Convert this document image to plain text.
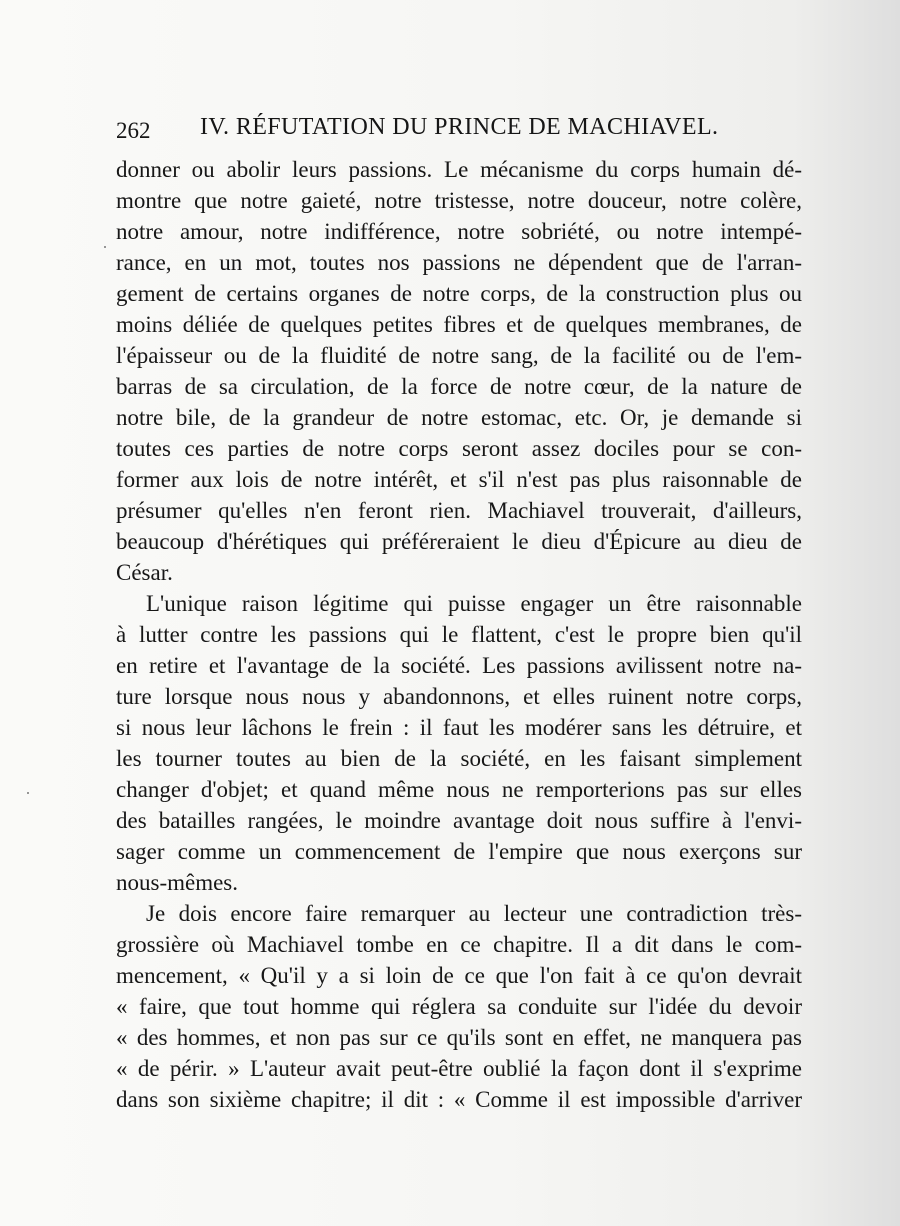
262 IV. RÉFUTATION DU PRINCE DE MACHIAVEL.
donner ou abolir leurs passions. Le mécanisme du corps humain dé-
montre que notre gaieté, notre tristesse, notre douceur, notre colère,
notre amour, notre indifférence, notre sobriété, ou notre intempé-
rance, en un mot, toutes nos passions ne dépendent que de l'arran-
gement de certains organes de notre corps, de la construction plus ou
moins déliée de quelques petites fibres et de quelques membranes, de
l'épaisseur ou de la fluidité de notre sang, de la facilité ou de l'em-
barras de sa circulation, de la force de notre cœur, de la nature de
notre bile, de la grandeur de notre estomac, etc. Or, je demande si
toutes ces parties de notre corps seront assez dociles pour se con-
former aux lois de notre intérêt, et s'il n'est pas plus raisonnable de
présumer qu'elles n'en feront rien. Machiavel trouverait, d'ailleurs,
beaucoup d'hérétiques qui préféreraient le dieu d'Épicure au dieu de
César.
L'unique raison légitime qui puisse engager un être raisonnable
à lutter contre les passions qui le flattent, c'est le propre bien qu'il
en retire et l'avantage de la société. Les passions avilissent notre na-
ture lorsque nous nous y abandonnons, et elles ruinent notre corps,
si nous leur lâchons le frein : il faut les modérer sans les détruire, et
les tourner toutes au bien de la société, en les faisant simplement
changer d'objet; et quand même nous ne remporterions pas sur elles
des batailles rangées, le moindre avantage doit nous suffire à l'envi-
sager comme un commencement de l'empire que nous exerçons sur
nous-mêmes.
Je dois encore faire remarquer au lecteur une contradiction très-
grossière où Machiavel tombe en ce chapitre. Il a dit dans le com-
mencement, « Qu'il y a si loin de ce que l'on fait à ce qu'on devrait
« faire, que tout homme qui réglera sa conduite sur l'idée du devoir
« des hommes, et non pas sur ce qu'ils sont en effet, ne manquera pas
« de périr. » L'auteur avait peut-être oublié la façon dont il s'exprime
dans son sixième chapitre; il dit : « Comme il est impossible d'arriver
